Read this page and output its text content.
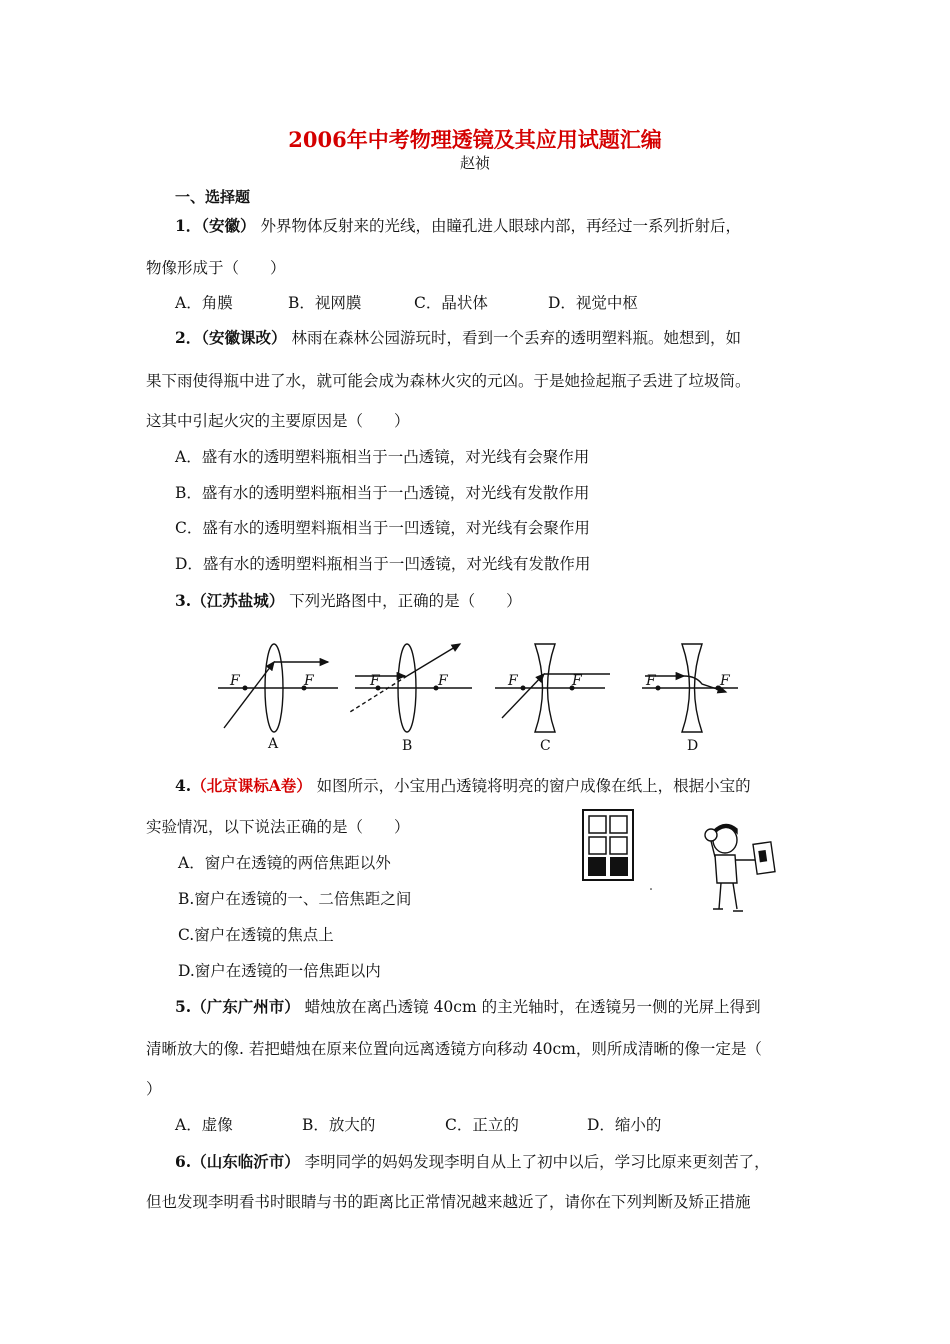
2006年中考物理透镜及其应用试题汇编
赵祯
一、选择题
1．（安徽） 外界物体反射来的光线，由瞳孔进人眼球内部，再经过一系列折射后，
物像形成于（　　）
A．角膜	B．视网膜	C．晶状体	D．视觉中枢
2．（安徽课改） 林雨在森林公园游玩时，看到一个丢弃的透明塑料瓶。她想到，如
果下雨使得瓶中进了水，就可能会成为森林火灾的元凶。于是她捡起瓶子丢进了垃圾筒。
这其中引起火灾的主要原因是（　　）
A．盛有水的透明塑料瓶相当于一凸透镜，对光线有会聚作用
B．盛有水的透明塑料瓶相当于一凸透镜，对光线有发散作用
C．盛有水的透明塑料瓶相当于一凹透镜，对光线有会聚作用
D．盛有水的透明塑料瓶相当于一凹透镜，对光线有发散作用
3.（江苏盐城） 下列光路图中，正确的是（　　）
F	F	F	F	F	F	F	F
A	B	C	D
4.（北京课标A卷） 如图所示，小宝用凸透镜将明亮的窗户成像在纸上，根据小宝的
实验情况，以下说法正确的是（　　）
A．窗户在透镜的两倍焦距以外
B.窗户在透镜的一、二倍焦距之间
C.窗户在透镜的焦点上
D.窗户在透镜的一倍焦距以内
5.（广东广州市） 蜡烛放在离凸透镜 40cm 的主光轴时，在透镜另一侧的光屏上得到
清晰放大的像. 若把蜡烛在原来位置向远离透镜方向移动 40cm，则所成清晰的像一定是（
）
A．虚像	B．放大的	C．正立的	D．缩小的
6.（山东临沂市） 李明同学的妈妈发现李明自从上了初中以后，学习比原来更刻苦了，
但也发现李明看书时眼睛与书的距离比正常情况越来越近了，请你在下列判断及矫正措施
